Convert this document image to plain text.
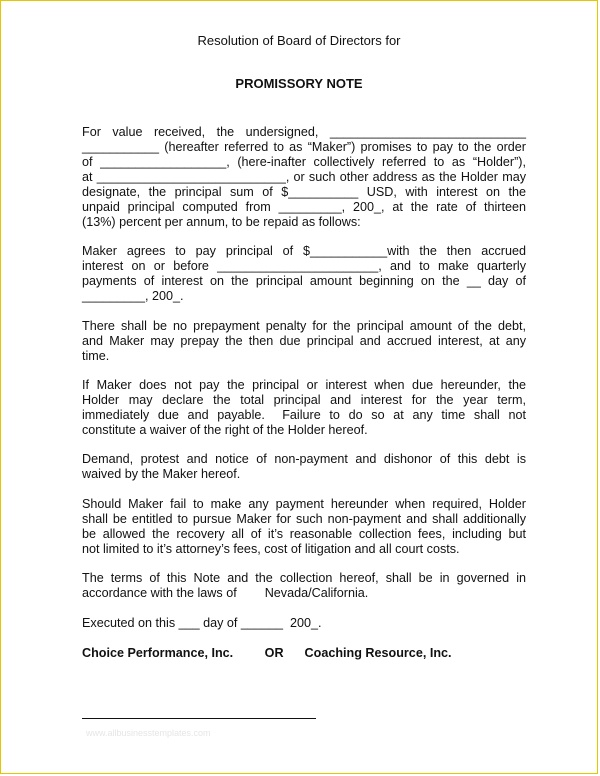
Resolution of Board of Directors for
PROMISSORY NOTE
For value received, the undersigned, ____________________________
___________ (hereafter referred to as “Maker”) promises to pay to the order
of __________________, (here-inafter collectively referred to as “Holder”),
at ___________________________, or such other address as the Holder may
designate, the principal sum of $__________ USD, with interest on the
unpaid principal computed from _________, 200_, at the rate of thirteen
(13%) percent per annum, to be repaid as follows:
Maker agrees to pay principal of $___________with the then accrued
interest on or before _______________________, and to make quarterly
payments of interest on the principal amount beginning on the __ day of
_________, 200_.
There shall be no prepayment penalty for the principal amount of the debt,
and Maker may prepay the then due principal and accrued interest, at any
time.
If Maker does not pay the principal or interest when due hereunder, the
Holder may declare the total principal and interest for the year term,
immediately due and payable.  Failure to do so at any time shall not
constitute a waiver of the right of the Holder hereof.
Demand, protest and notice of non-payment and dishonor of this debt is
waived by the Maker hereof.
Should Maker fail to make any payment hereunder when required, Holder
shall be entitled to pursue Maker for such non-payment and shall additionally
be allowed the recovery all of it’s reasonable collection fees, including but
not limited to it’s attorney’s fees, cost of litigation and all court costs.
The terms of this Note and the collection hereof, shall be in governed in
accordance with the laws of        Nevada/California.
Executed on this ___ day of ______  200_.
Choice Performance, Inc.         OR      Coaching Resource, Inc.
www.allbusinesstemplates.com
